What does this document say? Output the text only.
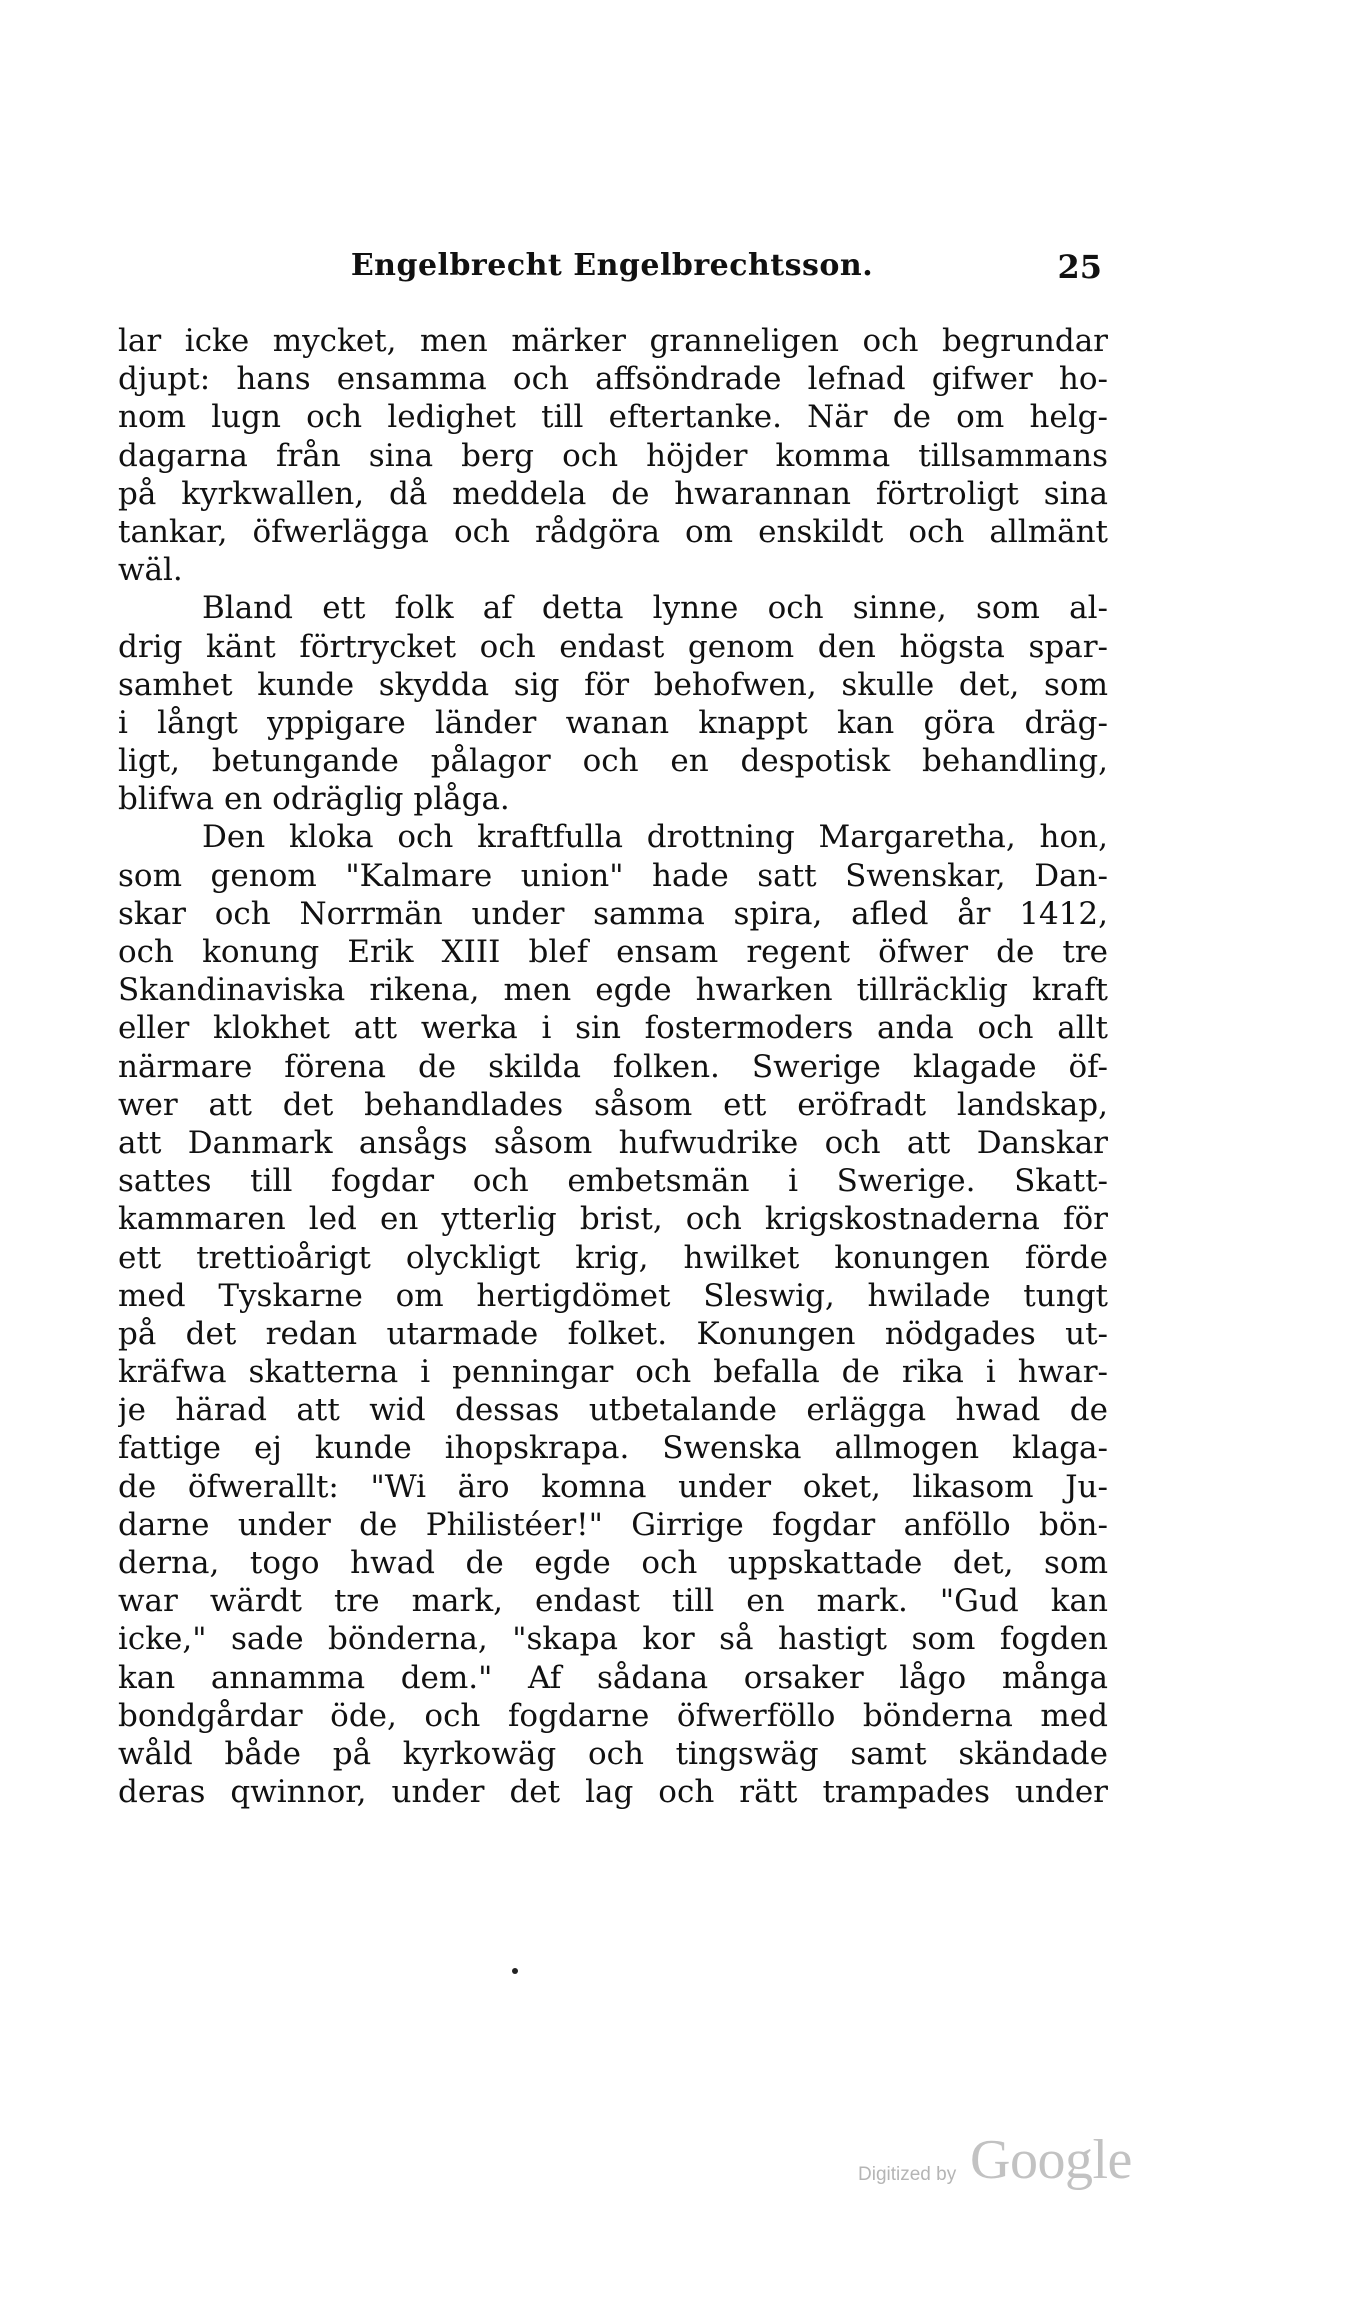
Engelbrecht Engelbrechtsson.	25
lar icke mycket, men märker granneligen och begrundar
djupt: hans ensamma och affsöndrade lefnad gifwer ho-
nom lugn och ledighet till eftertanke. När de om helg-
dagarna från sina berg och höjder komma tillsammans
på kyrkwallen, då meddela de hwarannan förtroligt sina
tankar, öfwerlägga och rådgöra om enskildt och allmänt
wäl.
Bland ett folk af detta lynne och sinne, som al-
drig känt förtrycket och endast genom den högsta spar-
samhet kunde skydda sig för behofwen, skulle det, som
i långt yppigare länder wanan knappt kan göra dräg-
ligt, betungande pålagor och en despotisk behandling,
blifwa en odräglig plåga.
Den kloka och kraftfulla drottning Margaretha, hon,
som genom "Kalmare union" hade satt Swenskar, Dan-
skar och Norrmän under samma spira, afled år 1412,
och konung Erik XIII blef ensam regent öfwer de tre
Skandinaviska rikena, men egde hwarken tillräcklig kraft
eller klokhet att werka i sin fostermoders anda och allt
närmare förena de skilda folken. Swerige klagade öf-
wer att det behandlades såsom ett eröfradt landskap,
att Danmark ansågs såsom hufwudrike och att Danskar
sattes till fogdar och embetsmän i Swerige. Skatt-
kammaren led en ytterlig brist, och krigskostnaderna för
ett trettioårigt olyckligt krig, hwilket konungen förde
med Tyskarne om hertigdömet Sleswig, hwilade tungt
på det redan utarmade folket. Konungen nödgades ut-
kräfwa skatterna i penningar och befalla de rika i hwar-
je härad att wid dessas utbetalande erlägga hwad de
fattige ej kunde ihopskrapa. Swenska allmogen klaga-
de öfwerallt: "Wi äro komna under oket, likasom Ju-
darne under de Philistéer!" Girrige fogdar anföllo bön-
derna, togo hwad de egde och uppskattade det, som
war wärdt tre mark, endast till en mark. "Gud kan
icke," sade bönderna, "skapa kor så hastigt som fogden
kan annamma dem." Af sådana orsaker lågo många
bondgårdar öde, och fogdarne öfwerföllo bönderna med
wåld både på kyrkowäg och tingswäg samt skändade
deras qwinnor, under det lag och rätt trampades under
Digitized by Google
